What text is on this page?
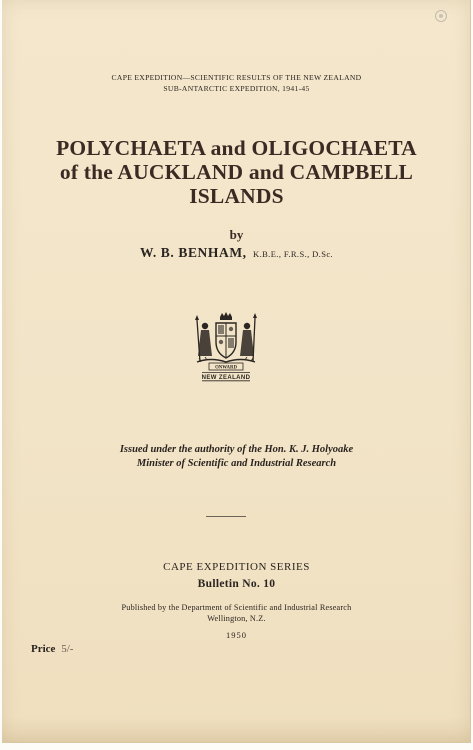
CAPE EXPEDITION—SCIENTIFIC RESULTS OF THE NEW ZEALAND
SUB-ANTARCTIC EXPEDITION, 1941-45
POLYCHAETA and OLIGOCHAETA
of the AUCKLAND and CAMPBELL
ISLANDS
by
W. B. BENHAM, K.B.E., F.R.S., D.Sc.
ONWARD
NEW ZEALAND
Issued under the authority of the Hon. K. J. Holyoake
Minister of Scientific and Industrial Research
CAPE EXPEDITION SERIES
Bulletin No. 10
Published by the Department of Scientific and Industrial Research
Wellington, N.Z.
1950
Price 5/-
